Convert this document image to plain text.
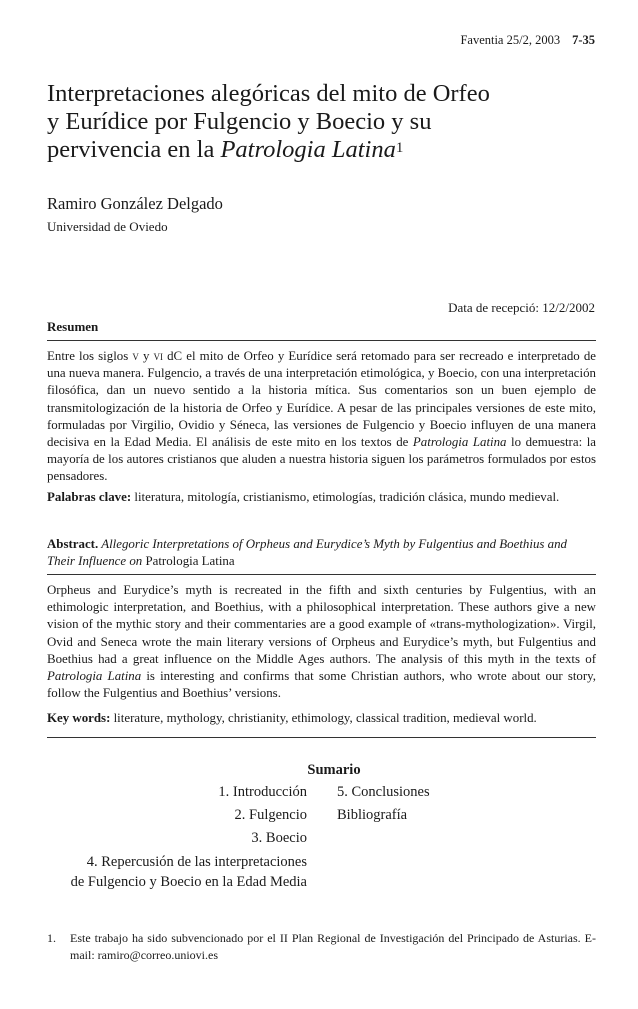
Faventia 25/2, 2003 7-35
Interpretaciones alegóricas del mito de Orfeo
y Eurídice por Fulgencio y Boecio y su
pervivencia en la Patrologia Latina$^1$
Ramiro González Delgado
Universidad de Oviedo
Data de recepció: 12/2/2002
Resumen

Entre los siglos v y vi dC el mito de Orfeo y Eurídice será retomado para ser recreado e interpretado de una nueva manera. Fulgencio, a través de una interpretación etimológica, y Boecio, con una interpretación filosófica, dan un nuevo sentido a la historia mítica. Sus comentarios son un buen ejemplo de transmitologización de la historia de Orfeo y Eurídice. A pesar de las principales versiones de este mito, formuladas por Virgilio, Ovidio y Séneca, las versiones de Fulgencio y Boecio influyen de una manera decisiva en la Edad Media. El análisis de este mito en los textos de Patrologia Latina lo demuestra: la mayoría de los autores cristianos que aluden a nuestra historia siguen los parámetros formulados por estos pensadores.

Palabras clave: literatura, mitología, cristianismo, etimologías, tradición clásica, mundo medieval.
Abstract. Allegoric Interpretations of Orpheus and Eurydice’s Myth by Fulgentius and Boethius and Their Influence on Patrologia Latina

Orpheus and Eurydice’s myth is recreated in the fifth and sixth centuries by Fulgentius, with an ethimologic interpretation, and Boethius, with a philosophical interpretation. These authors give a new vision of the mythic story and their commentaries are a good example of «trans-mythologization». Virgil, Ovid and Seneca wrote the main literary versions of Orpheus and Eurydice’s myth, but Fulgentius and Boethius had a great influence on the Middle Ages authors. The analysis of this myth in the texts of Patrologia Latina is interesting and confirms that some Christian authors, who wrote about our story, follow the Fulgentius and Boethius’ versions.

Key words: literature, mythology, christianity, ethimology, classical tradition, medieval world.
Sumario
1. Introducción
2. Fulgencio
3. Boecio
4. Repercusión de las interpretaciones
de Fulgencio y Boecio en la Edad Media
5. Conclusiones
Bibliografía
1. Este trabajo ha sido subvencionado por el II Plan Regional de Investigación del Principado de Asturias. E-mail: ramiro@correo.uniovi.es
